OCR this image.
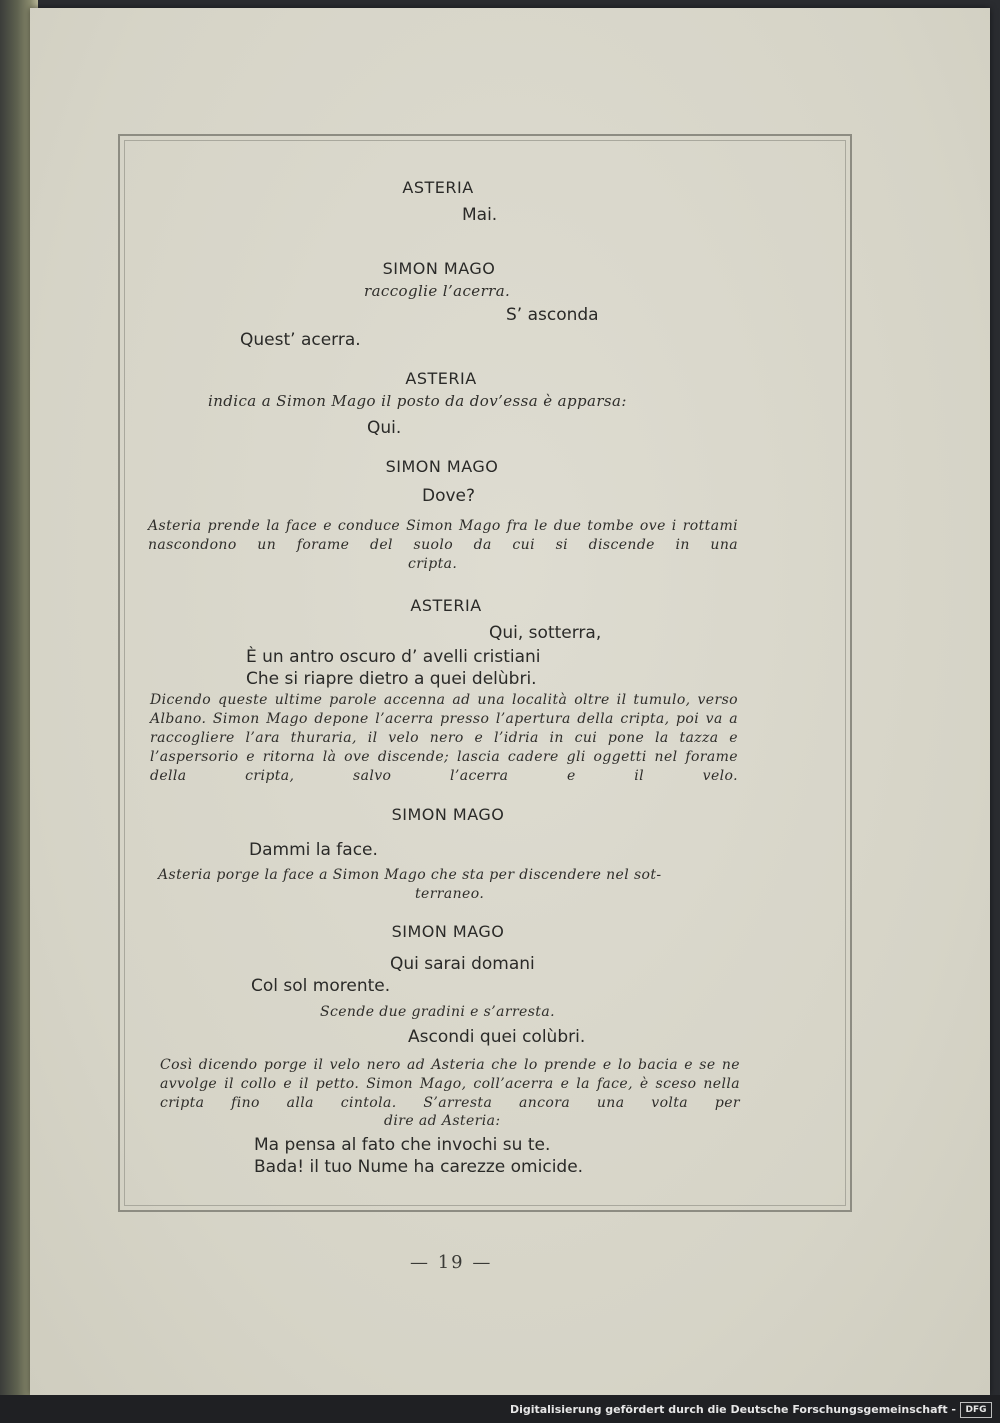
ASTERIA
Mai.
SIMON MAGO
raccoglie l’acerra.
S’ asconda
Quest’ acerra.
ASTERIA
indica a Simon Mago il posto da dov’essa è apparsa:
Qui.
SIMON MAGO
Dove?
Asteria prende la face e conduce Simon Mago fra le due tombe ove i rottami nascondono un forame del suolo da cui si discende in una
cripta.
ASTERIA
Qui, sotterra,
È un antro oscuro d’ avelli cristiani
Che si riapre dietro a quei delùbri.
Dicendo queste ultime parole accenna ad una località oltre il tumulo, verso Albano. Simon Mago depone l’acerra presso l’apertura della cripta, poi va a raccogliere l’ara thuraria, il velo nero e l’idria in cui pone la tazza e l’aspersorio e ritorna là ove discende; lascia cadere gli oggetti nel forame della cripta, salvo l’acerra e il velo.
SIMON MAGO
Dammi la face.
Asteria porge la face a Simon Mago che sta per discendere nel sot-
terraneo.
SIMON MAGO
Qui sarai domani
Col sol morente.
Scende due gradini e s’arresta.
Ascondi quei colùbri.
Così dicendo porge il velo nero ad Asteria che lo prende e lo bacia e se ne avvolge il collo e il petto. Simon Mago, coll’acerra e la face, è sceso nella cripta fino alla cintola. S’arresta ancora una volta per
dire ad Asteria:
Ma pensa al fato che invochi su te.
Bada! il tuo Nume ha carezze omicide.
— 19 —
Digitalisierung gefördert durch die Deutsche Forschungsgemeinschaft -	DFG
